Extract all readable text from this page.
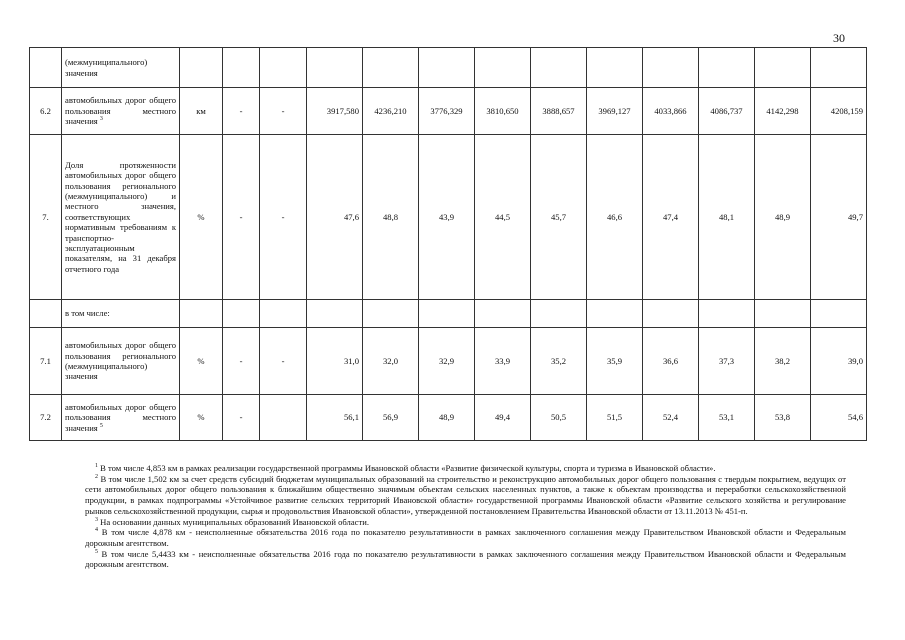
30
	(межмуниципального) значения													
6.2	автомобильных дорог общего пользования местного значения $^3$	км	-	-	3917,580	4236,210	3776,329	3810,650	3888,657	3969,127	4033,866	4086,737	4142,298	4208,159
7.	Доля протяженности автомобильных дорог общего пользования регионального (межмуниципального) и местного значения, соответствующих нормативным требованиям к транспортно-эксплуатационным показателям, на 31 декабря отчетного года	%	-	-	47,6	48,8	43,9	44,5	45,7	46,6	47,4	48,1	48,9	49,7
	в том числе:													
7.1	автомобильных дорог общего пользования регионального (межмуниципального) значения	%	-	-	31,0	32,0	32,9	33,9	35,2	35,9	36,6	37,3	38,2	39,0
7.2	автомобильных дорог общего пользования местного значения $^5$	%	-		56,1	56,9	48,9	49,4	50,5	51,5	52,4	53,1	53,8	54,6
$^1$ В том числе 4,853 км в рамках реализации государственной программы Ивановской области «Развитие физической культуры, спорта и туризма в Ивановской области».
$^2$ В том числе 1,502 км за счет средств субсидий бюджетам муниципальных образований на строительство и реконструкцию автомобильных дорог общего пользования с твердым покрытием, ведущих от сети автомобильных дорог общего пользования к ближайшим общественно значимым объектам сельских населенных пунктов, а также к объектам производства и переработки сельскохозяйственной продукции, в рамках подпрограммы «Устойчивое развитие сельских территорий Ивановской области» государственной программы Ивановской области «Развитие сельского хозяйства и регулирование рынков сельскохозяйственной продукции, сырья и продовольствия Ивановской области», утвержденной постановлением Правительства Ивановской области от 13.11.2013 № 451-п.
$^3$ На основании данных муниципальных образований Ивановской области.
$^4$ В том числе 4,878 км - неисполненные обязательства 2016 года по показателю результативности в рамках заключенного соглашения между Правительством Ивановской области и Федеральным дорожным агентством.
$^5$ В том числе 5,4433 км - неисполненные обязательства 2016 года по показателю результативности в рамках заключенного соглашения между Правительством Ивановской области и Федеральным дорожным агентством.
